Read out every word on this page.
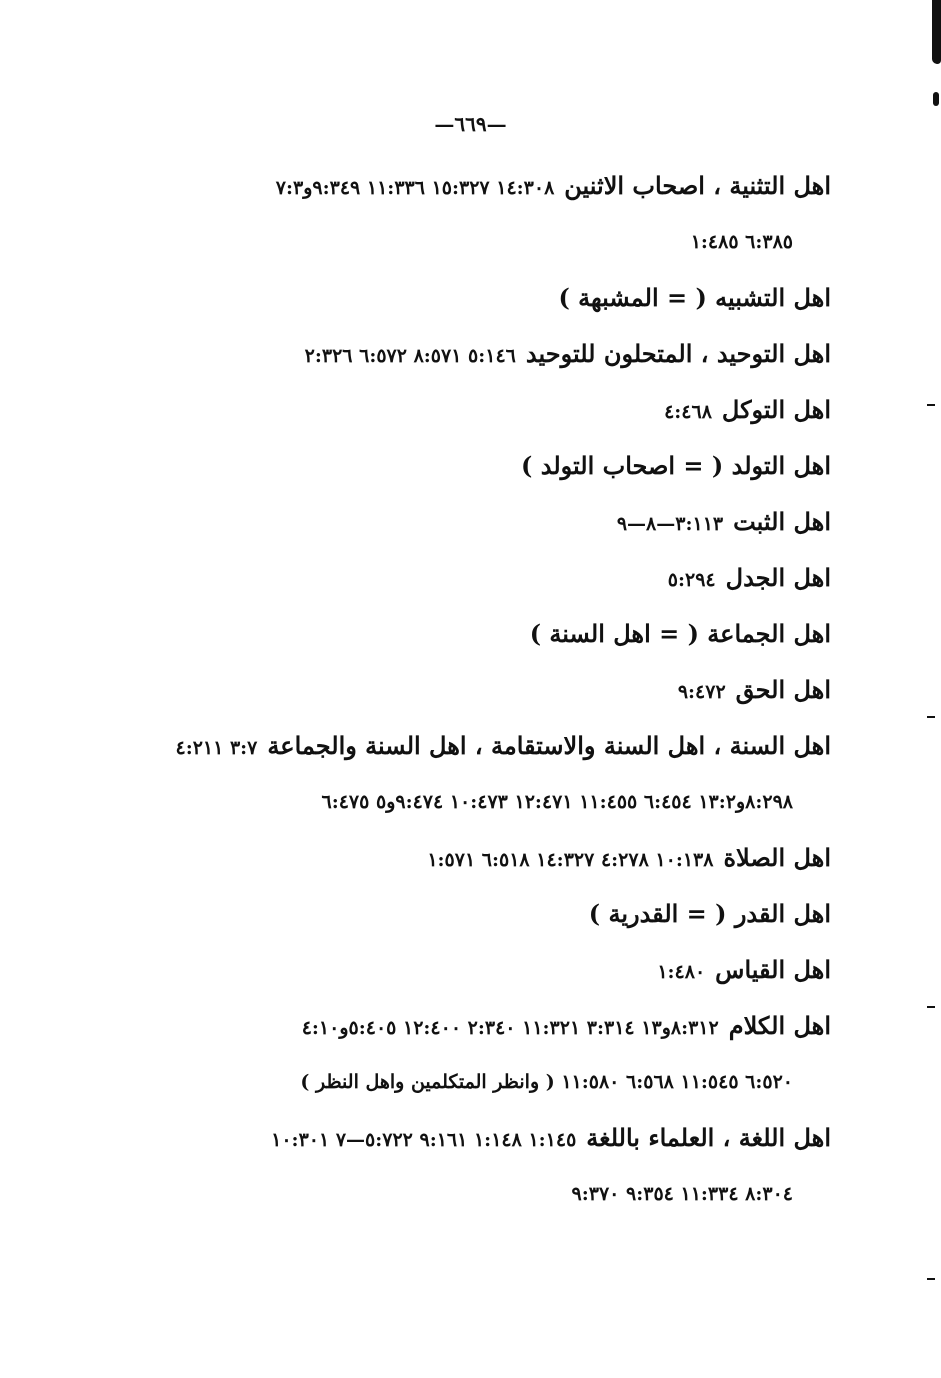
—٦٦٩—
اهل التثنية ، اصحاب الاثنين١٤:٣٠٨ ١٥:٣٢٧ ١١:٣٣٦ ٩:٣٤٩و٧:٣
٦:٣٨٥ ١:٤٨٥
اهل التشبيه ( = المشبهة )
اهل التوحيد ، المتحلون للتوحيد٥:١٤٦ ٨:٥٧١ ٦:٥٧٢ ٢:٣٢٦
اهل التوكل٤:٤٦٨
اهل التولد ( = اصحاب التولد )
اهل الثبت٣:١١٣—٨—٩
اهل الجدل٥:٢٩٤
اهل الجماعة ( = اهل السنة )
اهل الحق٩:٤٧٢
اهل السنة ، اهل السنة والاستقامة ، اهل السنة والجماعة٣:٧ ٤:٢١١
٨:٢٩٨و١٣:٢ ٦:٤٥٤ ١١:٤٥٥ ١٢:٤٧١ ١٠:٤٧٣ ٩:٤٧٤و٥ ٦:٤٧٥
اهل الصلاة١٠:١٣٨ ٤:٢٧٨ ١٤:٣٢٧ ٦:٥١٨ ١:٥٧١
اهل القدر ( = القدرية )
اهل القياس١:٤٨٠
اهل الكلام٨:٣١٢و١٣ ٣:٣١٤ ١١:٣٢١ ٢:٣٤٠ ١٢:٤٠٠ ٥:٤٠٥و٤:١٠
٦:٥٢٠ ١١:٥٤٥ ٦:٥٦٨ ١١:٥٨٠ ( وانظر المتكلمين واهل النظر )
اهل اللغة ، العلماء باللغة١:١٤٥ ١:١٤٨ ٩:١٦١ ٥:٧٢٢—٧ ١٠:٣٠١
٨:٣٠٤ ١١:٣٣٤ ٩:٣٥٤ ٩:٣٧٠
